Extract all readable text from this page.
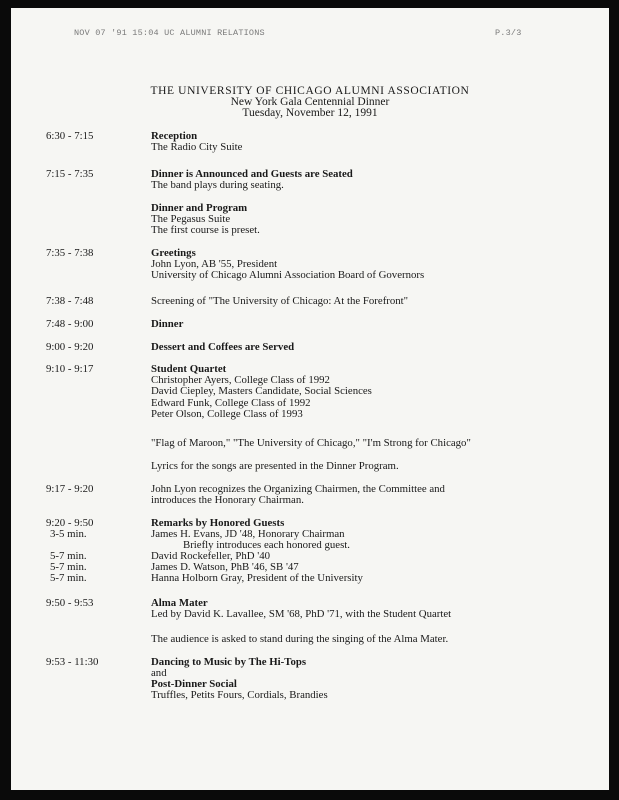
NOV 07 '91 15:04 UC ALUMNI RELATIONS	P.3/3
THE UNIVERSITY OF CHICAGO ALUMNI ASSOCIATION
New York Gala Centennial Dinner
Tuesday, November 12, 1991
6:30 - 7:15	Reception
The Radio City Suite
7:15 - 7:35	Dinner is Announced and Guests are Seated
The band plays during seating.
Dinner and Program
The Pegasus Suite
The first course is preset.
7:35 - 7:38	Greetings
John Lyon, AB '55, President
University of Chicago Alumni Association Board of Governors
7:38 - 7:48	Screening of "The University of Chicago: At the Forefront"
7:48 - 9:00	Dinner
9:00 - 9:20	Dessert and Coffees are Served
9:10 - 9:17	Student Quartet
Christopher Ayers, College Class of 1992
David Ciepley, Masters Candidate, Social Sciences
Edward Funk, College Class of 1992
Peter Olson, College Class of 1993
"Flag of Maroon," "The University of Chicago," "I'm Strong for Chicago"
Lyrics for the songs are presented in the Dinner Program.
9:17 - 9:20	John Lyon recognizes the Organizing Chairmen, the Committee and
introduces the Honorary Chairman.
9:20 - 9:50	Remarks by Honored Guests
3-5 min.	James H. Evans, JD '48, Honorary Chairman
Briefly introduces each honored guest.
5-7 min.	David Rockefeller, PhD '40
5-7 min.	James D. Watson, PhB '46, SB '47
5-7 min.	Hanna Holborn Gray, President of the University
9:50 - 9:53	Alma Mater
Led by David K. Lavallee, SM '68, PhD '71, with the Student Quartet
The audience is asked to stand during the singing of the Alma Mater.
9:53 - 11:30	Dancing to Music by The Hi-Tops
and
Post-Dinner Social
Truffles, Petits Fours, Cordials, Brandies
